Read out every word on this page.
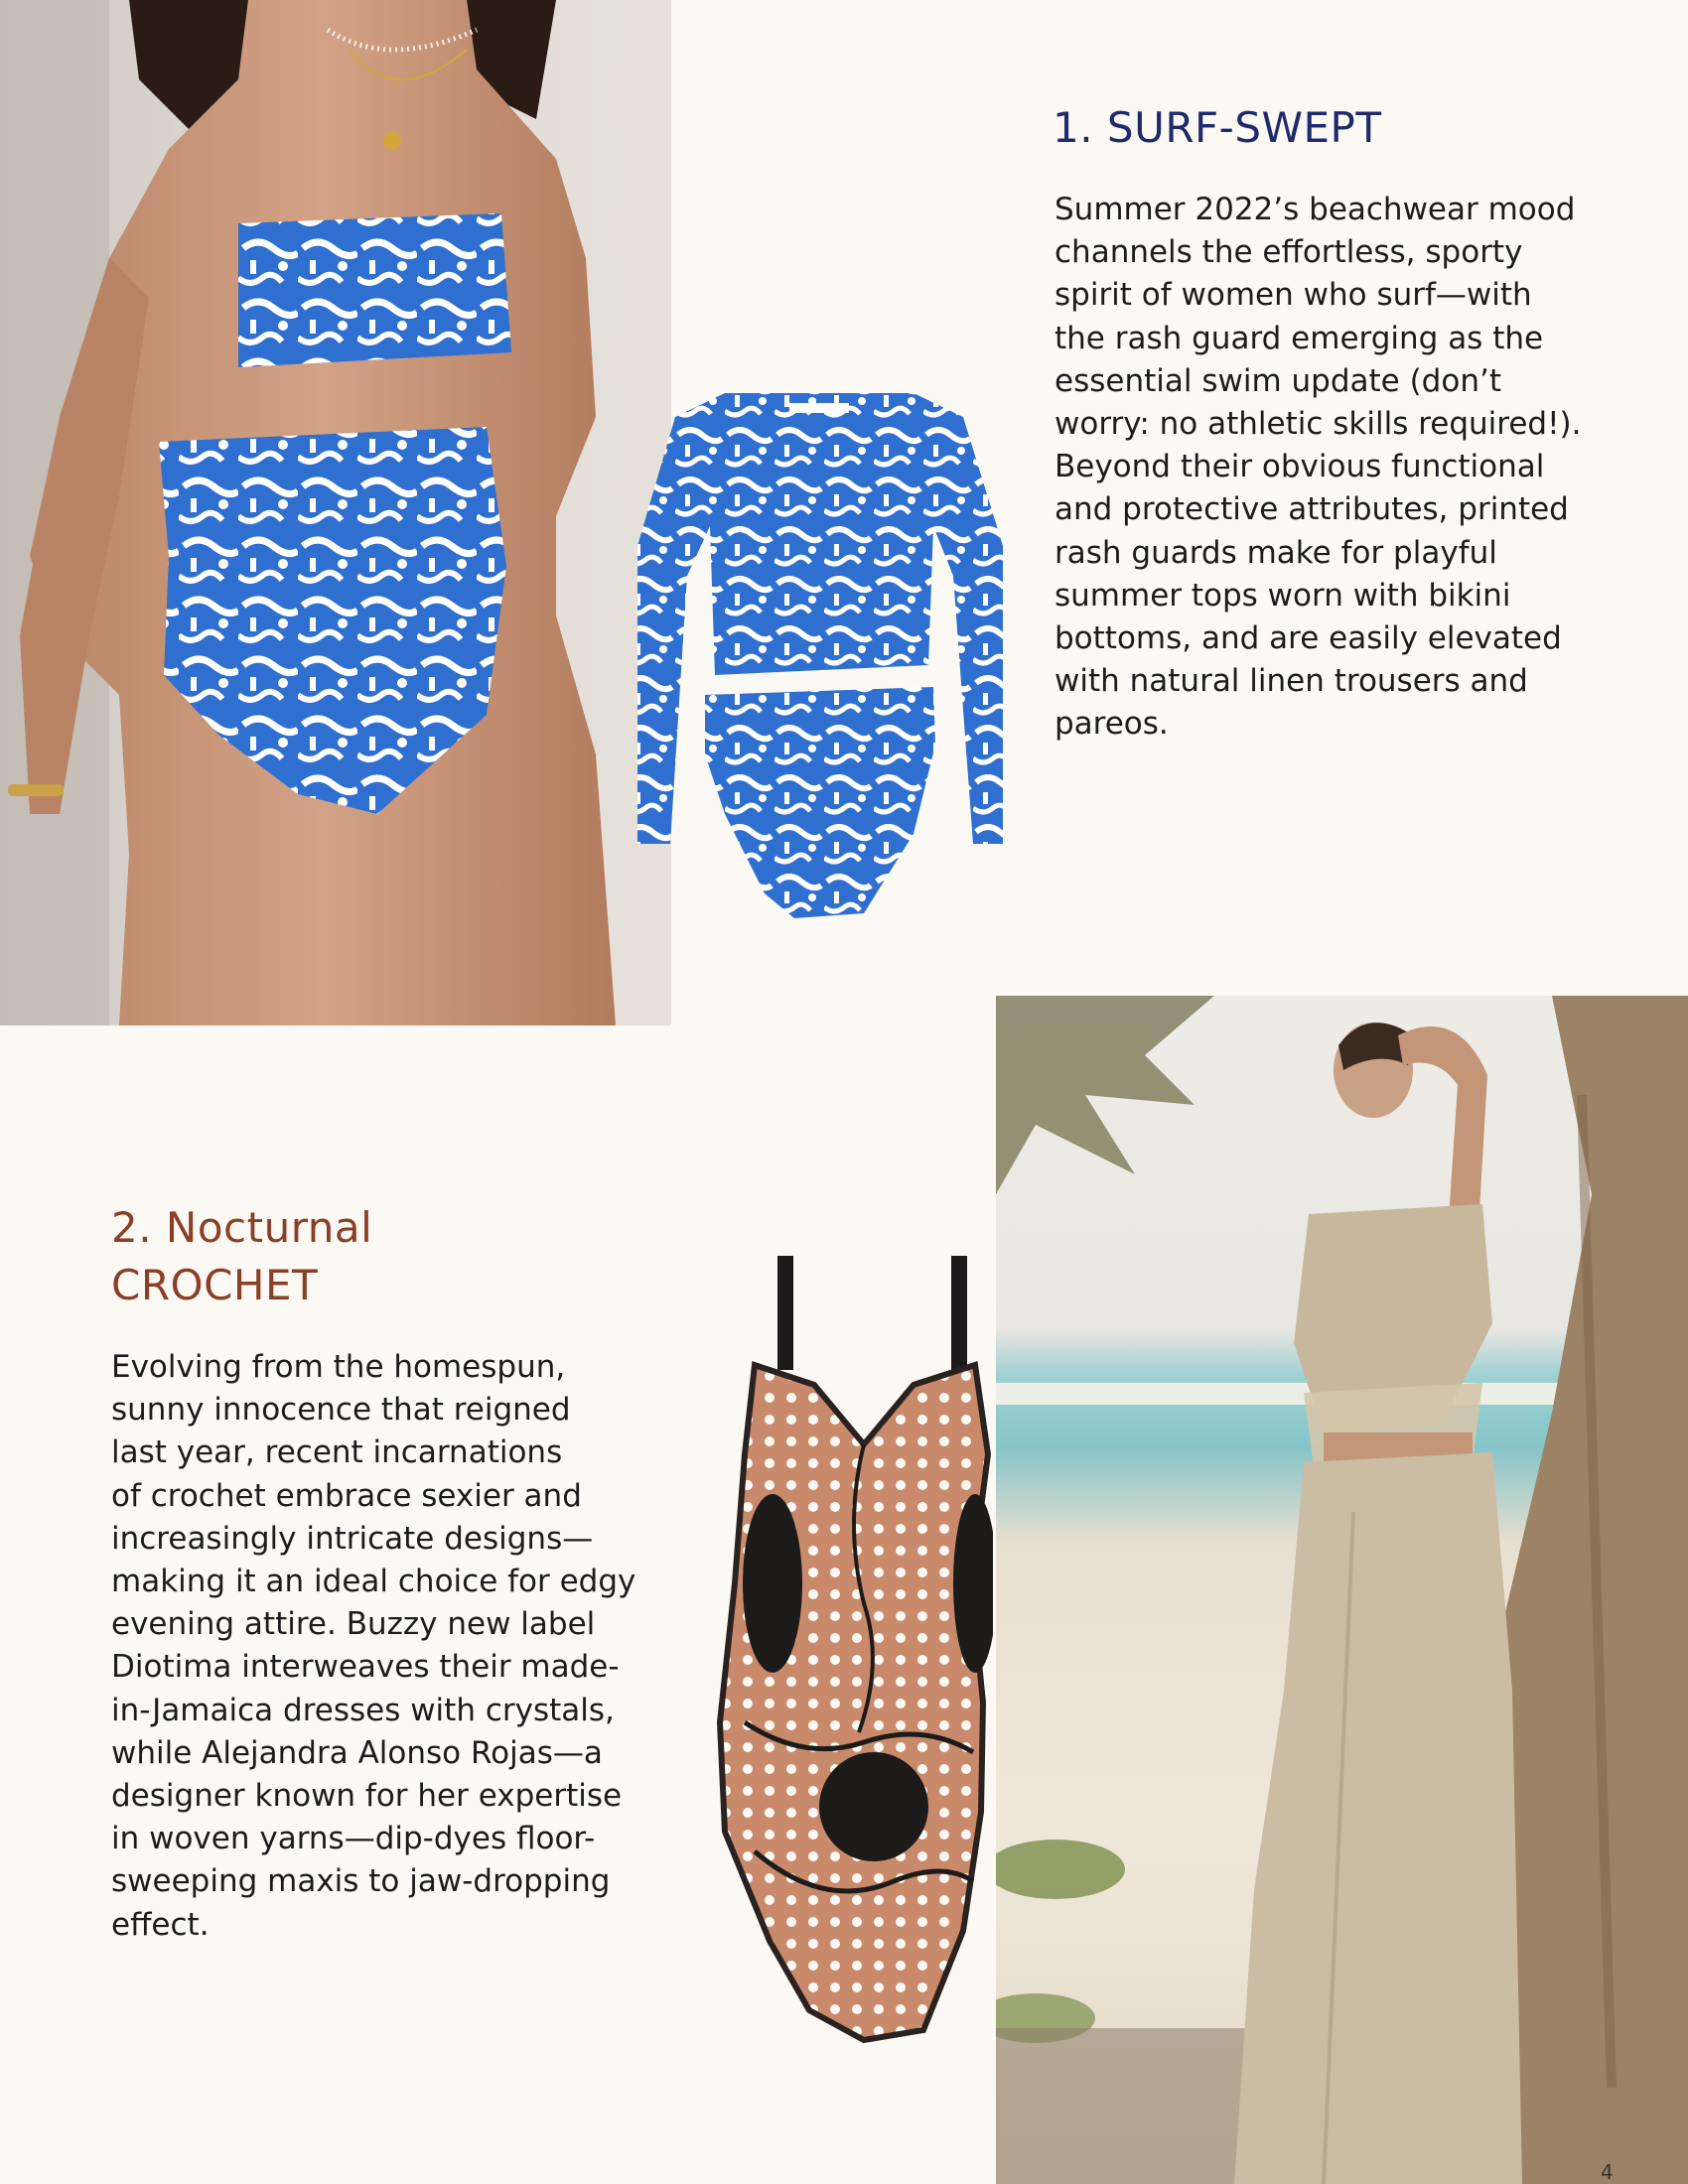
1. SURF-SWEPT
Summer 2022’s beachwear mood
channels the effortless, sporty
spirit of women who surf—with
the rash guard emerging as the
essential swim update (don’t
worry: no athletic skills required!).
Beyond their obvious functional
and protective attributes, printed
rash guards make for playful
summer tops worn with bikini
bottoms, and are easily elevated
with natural linen trousers and
pareos.
2. Nocturnal
CROCHET
Evolving from the homespun,
sunny innocence that reigned
last year, recent incarnations
of crochet embrace sexier and
increasingly intricate designs—
making it an ideal choice for edgy
evening attire. Buzzy new label
Diotima interweaves their made-
in-Jamaica dresses with crystals,
while Alejandra Alonso Rojas—a
designer known for her expertise
in woven yarns—dip-dyes floor-
sweeping maxis to jaw-dropping
effect.
4
